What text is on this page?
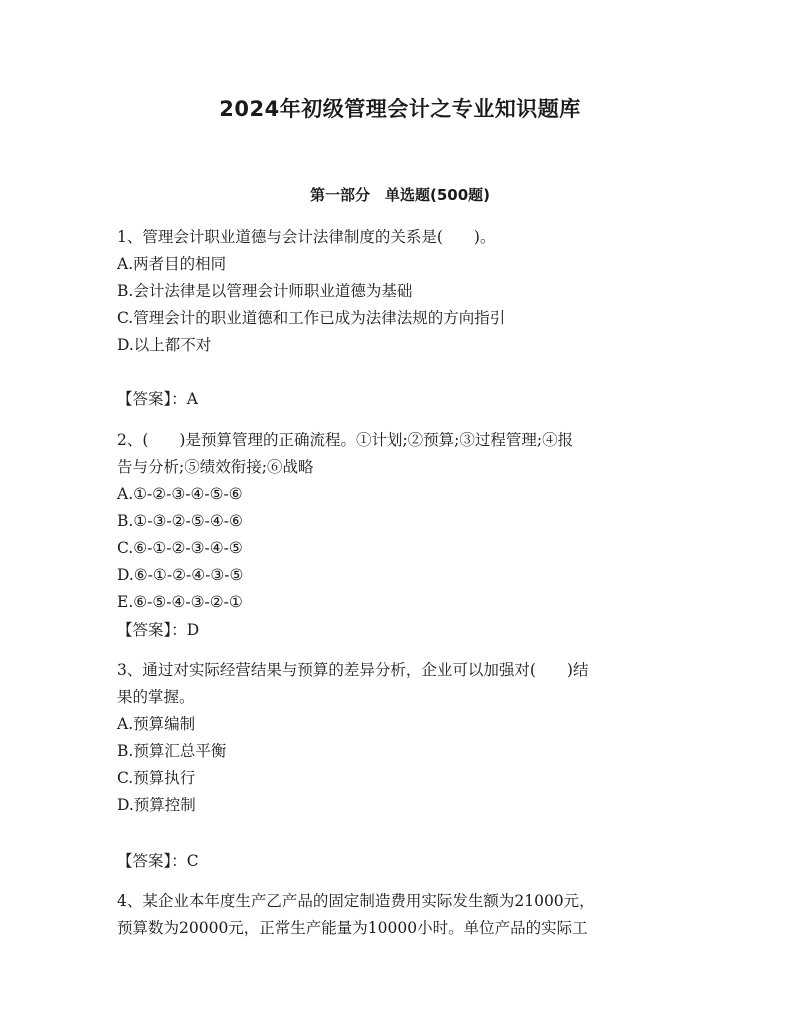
2024年初级管理会计之专业知识题库
第一部分　单选题(500题)
1、管理会计职业道德与会计法律制度的关系是(　　)。
A.两者目的相同
B.会计法律是以管理会计师职业道德为基础
C.管理会计的职业道德和工作已成为法律法规的方向指引
D.以上都不对
【答案】：A
2、(　　)是预算管理的正确流程。①计划;②预算;③过程管理;④报
告与分析;⑤绩效衔接;⑥战略
A.①-②-③-④-⑤-⑥
B.①-③-②-⑤-④-⑥
C.⑥-①-②-③-④-⑤
D.⑥-①-②-④-③-⑤
E.⑥-⑤-④-③-②-①
【答案】：D
3、通过对实际经营结果与预算的差异分析，企业可以加强对(　　)结
果的掌握。
A.预算编制
B.预算汇总平衡
C.预算执行
D.预算控制
【答案】：C
4、某企业本年度生产乙产品的固定制造费用实际发生额为21000元，
预算数为20000元，正常生产能量为10000小时。单位产品的实际工
